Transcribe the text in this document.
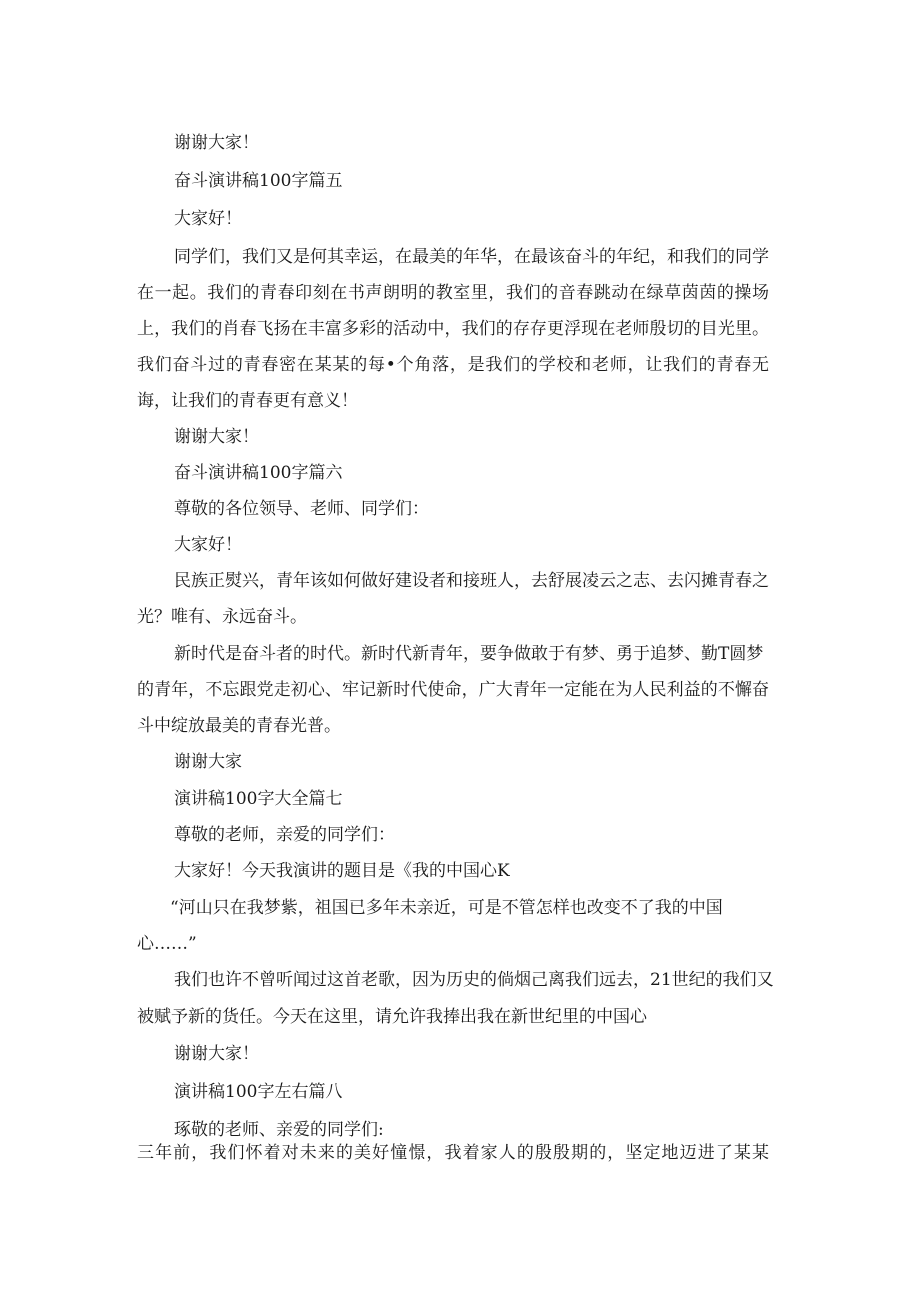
谢谢大家！
奋斗演讲稿100字篇五
大家好！
同学们，我们又是何其幸运，在最美的年华，在最该奋斗的年纪，和我们的同学
在一起。我们的青春印刻在书声朗明的教室里，我们的音春跳动在绿草茵茵的操场
上，我们的肖春飞扬在丰富多彩的活动中，我们的存存更浮现在老师殷切的目光里。
我们奋斗过的青春密在某某的每•个角落，是我们的学校和老师，让我们的青春无
诲，让我们的青春更有意义！
谢谢大家！
奋斗演讲稿100字篇六
尊敬的各位领导、老师、同学们：
大家好！
民族正熨兴，青年该如何做好建设者和接班人，去舒展凌云之志、去闪摊青春之
光？唯有、永远奋斗。
新时代是奋斗者的时代。新时代新青年，要争做敢于有梦、勇于追梦、勤T圆梦
的青年，不忘跟党走初心、牢记新时代使命，广大青年一定能在为人民利益的不懈奋
斗中绽放最美的青春光普。
谢谢大家
演讲稿100字大全篇七
尊敬的老师，亲爱的同学们：
大家好！今天我演讲的题目是《我的中国心K
“河山只在我梦紫，祖国已多年未亲近，可是不管怎样也改变不了我的中国
心……”
我们也许不曾听闻过这首老歌，因为历史的倘烟己离我们远去，21世纪的我们又
被赋予新的货任。今天在这里，请允许我捧出我在新世纪里的中国心
谢谢大家！
演讲稿100字左右篇八
琢敬的老师、亲爱的同学们:
三年前，我们怀着对未来的美好憧憬，我着家人的殷殷期的，坚定地迈进了某某
